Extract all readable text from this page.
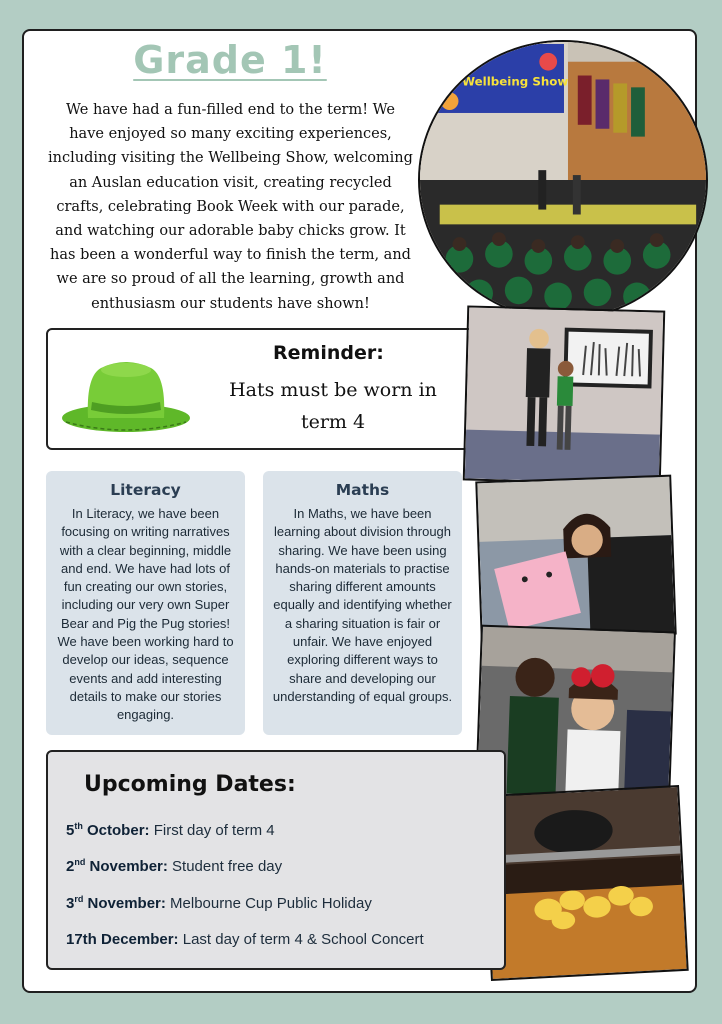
Grade 1!
We have had a fun-filled end to the term! We have enjoyed so many exciting experiences, including visiting the Wellbeing Show, welcoming an Auslan education visit, creating recycled crafts, celebrating Book Week with our parade, and watching our adorable baby chicks grow. It has been a wonderful way to finish the term, and we are so proud of all the learning, growth and enthusiasm our students have shown!
The Wellbeing Show
Reminder:
Hats must be worn in term 4
Literacy

In Literacy, we have been focusing on writing narratives with a clear beginning, middle and end. We have had lots of fun creating our own stories, including our very own Super Bear and Pig the Pug stories! We have been working hard to develop our ideas, sequence events and add interesting details to make our stories engaging.

Maths

In Maths, we have been learning about division through sharing. We have been using hands-on materials to practise sharing different amounts equally and identifying whether a sharing situation is fair or unfair. We have enjoyed exploring different ways to share and developing our understanding of equal groups.

Upcoming Dates:
5th October: First day of term 4
2nd November: Student free day
3rd November: Melbourne Cup Public Holiday
17th December: Last day of term 4 & School Concert
